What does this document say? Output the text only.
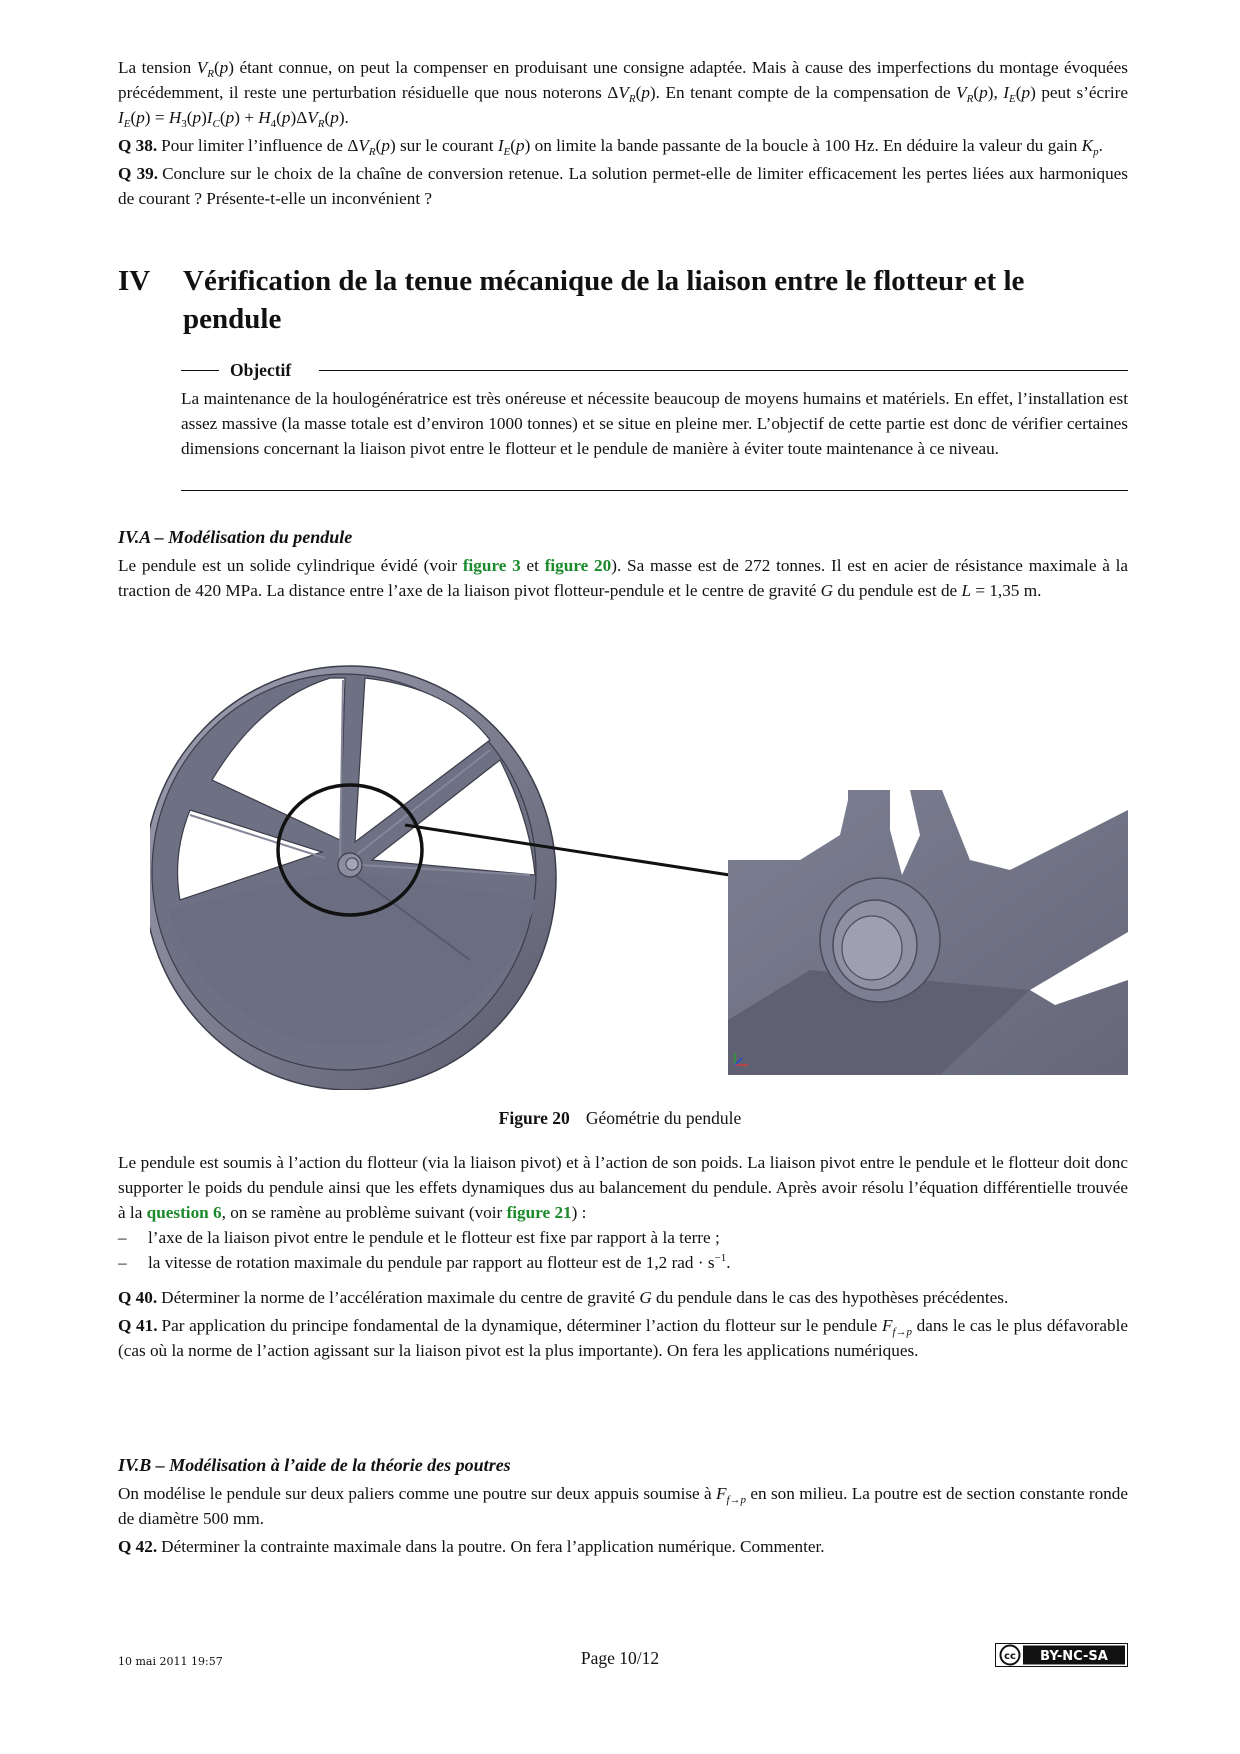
La tension $V_R(p)$ étant connue, on peut la compenser en produisant une consigne adaptée. Mais à cause des imperfections du montage évoquées précédemment, il reste une perturbation résiduelle que nous noterons $\Delta V_R(p)$. En tenant compte de la compensation de $V_R(p)$, $I_E(p)$ peut s’écrire $I_E(p) = H_3(p)I_C(p) + H_4(p)\Delta V_R(p)$.

Q 38. Pour limiter l’influence de $\Delta V_R(p)$ sur le courant $I_E(p)$ on limite la bande passante de la boucle à 100 Hz. En déduire la valeur du gain $K_p$.

Q 39. Conclure sur le choix de la chaîne de conversion retenue. La solution permet-elle de limiter efficacement les pertes liées aux harmoniques de courant ? Présente-t-elle un inconvénient ?

IV Vérification de la tenue mécanique de la liaison entre le flotteur et le pendule
Objectif
La maintenance de la houlogénératrice est très onéreuse et nécessite beaucoup de moyens humains et matériels. En effet, l’installation est assez massive (la masse totale est d’environ 1000 tonnes) et se situe en pleine mer. L’objectif de cette partie est donc de vérifier certaines dimensions concernant la liaison pivot entre le flotteur et le pendule de manière à éviter toute maintenance à ce niveau.
IV.A – Modélisation du pendule

Le pendule est un solide cylindrique évidé (voir figure 3 et figure 20). Sa masse est de 272 tonnes. Il est en acier de résistance maximale à la traction de 420 MPa. La distance entre l’axe de la liaison pivot flotteur-pendule et le centre de gravité G du pendule est de L = 1,35 m.

Figure 20 Géométrie du pendule

Le pendule est soumis à l’action du flotteur (via la liaison pivot) et à l’action de son poids. La liaison pivot entre le pendule et le flotteur doit donc supporter le poids du pendule ainsi que les effets dynamiques dus au balancement du pendule. Après avoir résolu l’équation différentielle trouvée à la question 6, on se ramène au problème suivant (voir figure 21) :

– l’axe de la liaison pivot entre le pendule et le flotteur est fixe par rapport à la terre ;
– la vitesse de rotation maximale du pendule par rapport au flotteur est de 1,2 rad · $s^{-1}$.

Q 40. Déterminer la norme de l’accélération maximale du centre de gravité G du pendule dans le cas des hypothèses précédentes.

Q 41. Par application du principe fondamental de la dynamique, déterminer l’action du flotteur sur le pendule $F_{f\to p}$ dans le cas le plus défavorable (cas où la norme de l’action agissant sur la liaison pivot est la plus importante). On fera les applications numériques.

IV.B – Modélisation à l’aide de la théorie des poutres

On modélise le pendule sur deux paliers comme une poutre sur deux appuis soumise à $F_{f\to p}$ en son milieu. La poutre est de section constante ronde de diamètre 500 mm.

Q 42. Déterminer la contrainte maximale dans la poutre. On fera l’application numérique. Commenter.

10 mai 2011 19:57	Page 10/12	cc BY-NC-SA
